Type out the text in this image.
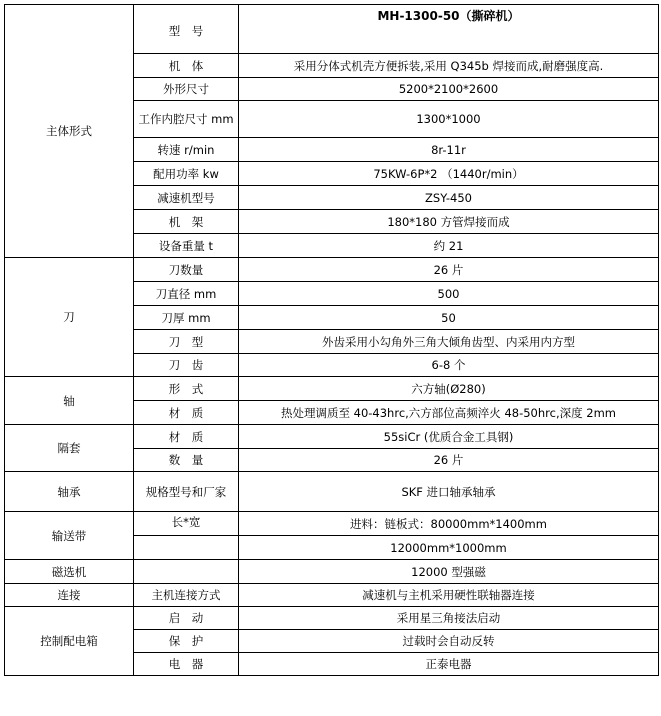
主体形式	型　号	MH-1300-50（撕碎机）
	机　体	采用分体式机壳方便拆装,采用 Q345b 焊接而成,耐磨强度高.
	外形尺寸	5200*2100*2600
	工作内腔尺寸 mm	1300*1000
	转速 r/min	8r-11r
	配用功率 kw	75KW-6P*2 （1440r/min）
	减速机型号	ZSY-450
	机　架	180*180 方管焊接而成
	设备重量 t	约 21
刀	刀数量	26 片
	刀直径 mm	500
	刀厚 mm	50
	刀　型	外齿采用小勾角外三角大倾角齿型、内采用内方型
	刀　齿	6-8 个
轴	形　式	六方轴(Ø280)
	材　质	热处理调质至 40-43hrc,六方部位高频淬火 48-50hrc,深度 2mm
隔套	材　质	55siCr (优质合金工具钢)
	数　量	26 片
轴承	规格型号和厂家	SKF 进口轴承轴承
输送带	长*宽	进料：链板式：80000mm*1400mm
		12000mm*1000mm
磁选机		12000 型强磁
连接	主机连接方式	减速机与主机采用硬性联轴器连接
控制配电箱	启　动	采用星三角接法启动
	保　护	过载时会自动反转
	电　器	正泰电器
